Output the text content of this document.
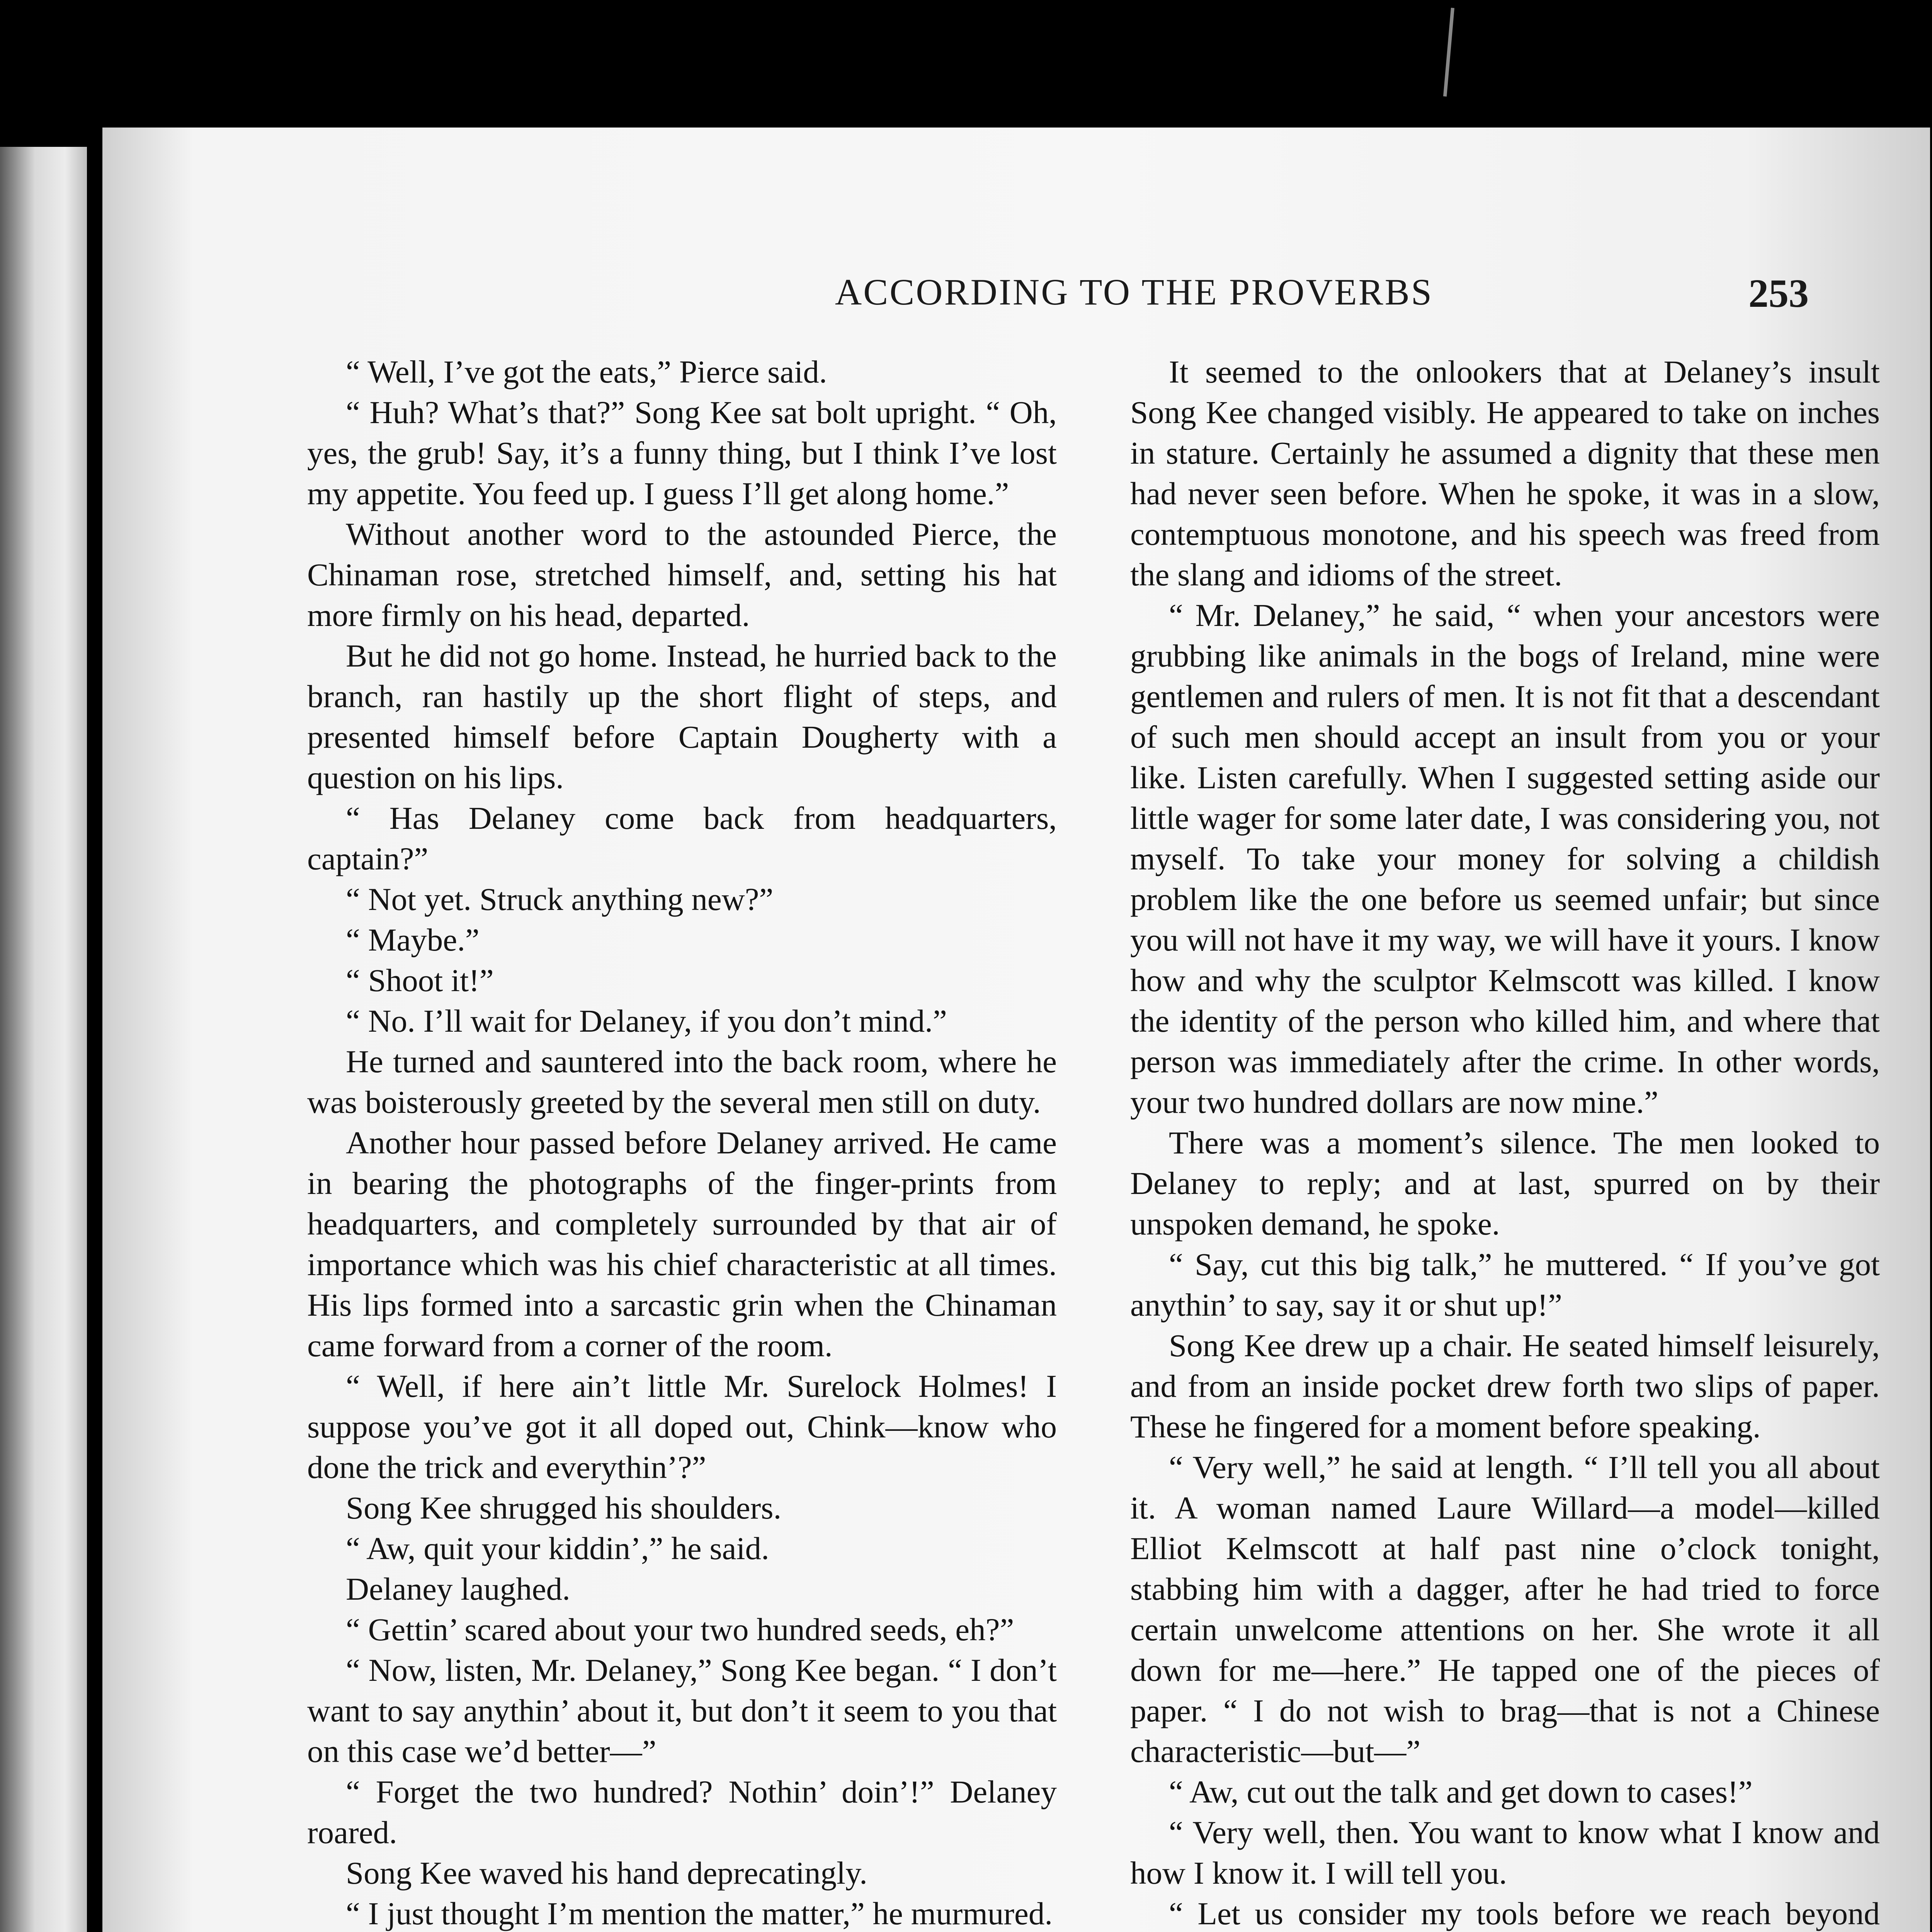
ACCORDING TO THE PROVERBS	253

“ Well, I’ve got the eats,” Pierce said.

“ Huh? What’s that?” Song Kee sat bolt upright. “ Oh, yes, the grub! Say, it’s a funny thing, but I think I’ve lost my appetite. You feed up. I guess I’ll get along home.”

Without another word to the astounded Pierce, the Chinaman rose, stretched himself, and, setting his hat more firmly on his head, departed.

But he did not go home. Instead, he hurried back to the branch, ran hastily up the short flight of steps, and presented himself before Captain Dougherty with a question on his lips.

“ Has Delaney come back from headquarters, captain?”

“ Not yet. Struck anything new?”

“ Maybe.”

“ Shoot it!”

“ No. I’ll wait for Delaney, if you don’t mind.”

He turned and sauntered into the back room, where he was boisterously greeted by the several men still on duty.

Another hour passed before Delaney arrived. He came in bearing the photographs of the finger-prints from headquarters, and completely surrounded by that air of importance which was his chief characteristic at all times. His lips formed into a sarcastic grin when the Chinaman came forward from a corner of the room.

“ Well, if here ain’t little Mr. Surelock Holmes! I suppose you’ve got it all doped out, Chink—know who done the trick and everythin’?”

Song Kee shrugged his shoulders.

“ Aw, quit your kiddin’,” he said.

Delaney laughed.

“ Gettin’ scared about your two hundred seeds, eh?”

“ Now, listen, Mr. Delaney,” Song Kee began. “ I don’t want to say anythin’ about it, but don’t it seem to you that on this case we’d better—”

“ Forget the two hundred? Nothin’ doin’!” Delaney roared.

Song Kee waved his hand deprecatingly.

“ I just thought I’m mention the matter,” he murmured.

It seemed to the onlookers that at Delaney’s insult Song Kee changed visibly. He appeared to take on inches in stature. Certainly he assumed a dignity that these men had never seen before. When he spoke, it was in a slow, contemptuous monotone, and his speech was freed from the slang and idioms of the street.

“ Mr. Delaney,” he said, “ when your ancestors were grubbing like animals in the bogs of Ireland, mine were gentlemen and rulers of men. It is not fit that a descendant of such men should accept an insult from you or your like. Listen carefully. When I suggested setting aside our little wager for some later date, I was considering you, not myself. To take your money for solving a childish problem like the one before us seemed unfair; but since you will not have it my way, we will have it yours. I know how and why the sculptor Kelmscott was killed. I know the identity of the person who killed him, and where that person was immediately after the crime. In other words, your two hundred dollars are now mine.”

There was a moment’s silence. The men looked to Delaney to reply; and at last, spurred on by their unspoken demand, he spoke.

“ Say, cut this big talk,” he muttered. “ If you’ve got anythin’ to say, say it or shut up!”

Song Kee drew up a chair. He seated himself leisurely, and from an inside pocket drew forth two slips of paper. These he fingered for a moment before speaking.

“ Very well,” he said at length. “ I’ll tell you all about it. A woman named Laure Willard—a model—killed Elliot Kelmscott at half past nine o’clock tonight, stabbing him with a dagger, after he had tried to force certain unwelcome attentions on her. She wrote it all down for me—here.” He tapped one of the pieces of paper. “ I do not wish to brag—that is not a Chinese characteristic—but—”

“ Aw, cut out the talk and get down to cases!”

“ Very well, then. You want to know what I know and how I know it. I will tell you.

“ Let us consider my tools before we reach beyond
